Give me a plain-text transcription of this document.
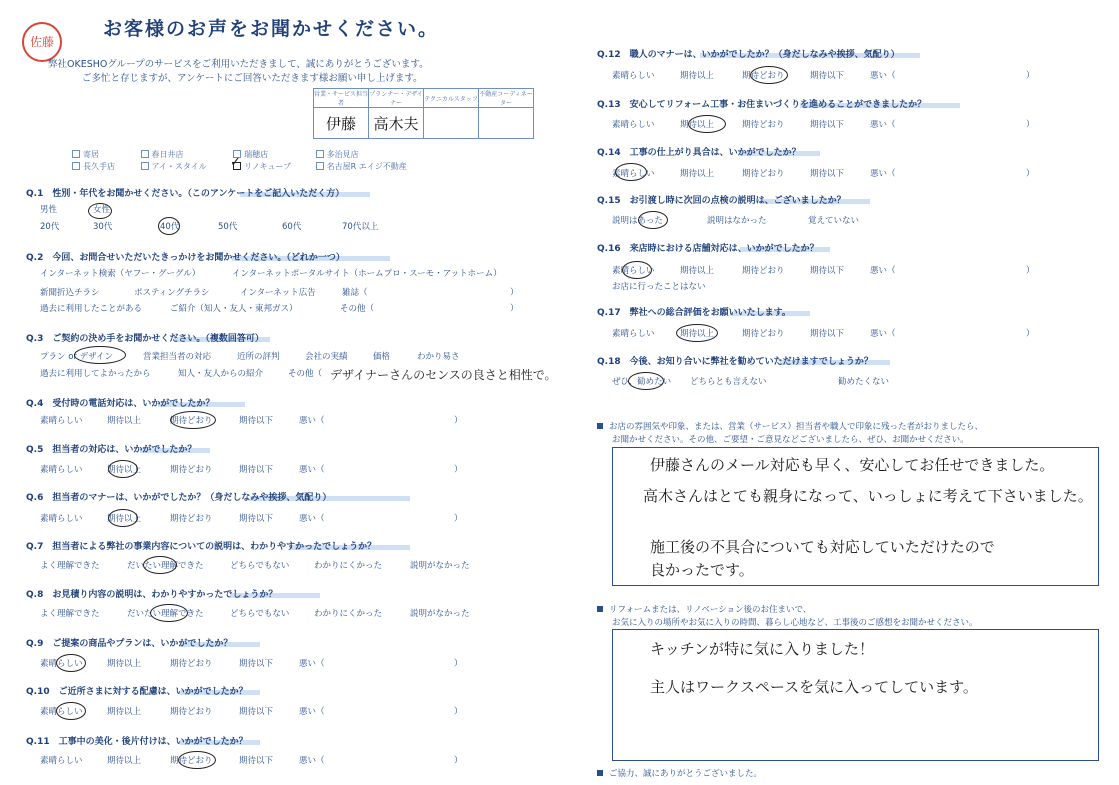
佐藤
お客様のお声をお聞かせください。
弊社OKESHOグループのサービスをご利用いただきまして、誠にありがとうございます。
ご多忙と存じますが、アンケートにご回答いただきます様お願い申し上げます。
営業・サービス担当者	プランナー・デザイナー	テクニカルスタッフ	不動産コーディネーター
伊藤	高木夫		
寄居	春日井店	瑞穂店	多治見店
長久手店	アイ・スタイル	リノキューブ	名古屋R エイジ不動産
✓
Q.1　性別・年代をお聞かせください。（このアンケートをご記入いただく方）
男性	女性
20代	30代	40代	50代	60代	70代以上
Q.2　今回、お問合せいただいたきっかけをお聞かせください。（どれか一つ）
インターネット検索（ヤフー・グーグル）	インターネットポータルサイト（ホームプロ・スーモ・アットホーム）
新聞折込チラシ	ポスティングチラシ	インターネット広告	雑誌（	）
過去に利用したことがある	ご紹介（知人・友人・東邦ガス）	その他（	）
Q.3　ご契約の決め手をお聞かせください。（複数回答可）
プラン or デザイン	営業担当者の対応	近所の評判	会社の実績	価格	わかり易さ
過去に利用してよかったから	知人・友人からの紹介	その他（
Q.4　受付時の電話対応は、いかがでしたか？
素晴らしい	期待以上	期待どおり	期待以下	悪い（	）
Q.5　担当者の対応は、いかがでしたか？
素晴らしい	期待以上	期待どおり	期待以下	悪い（	）
Q.6　担当者のマナーは、いかがでしたか？（身だしなみや挨拶、気配り）
素晴らしい	期待以上	期待どおり	期待以下	悪い（	）
Q.7　担当者による弊社の事業内容についての説明は、わかりやすかったでしょうか？
よく理解できた	だいたい理解できた	どちらでもない	わかりにくかった	説明がなかった
Q.8　お見積り内容の説明は、わかりやすかったでしょうか？
よく理解できた	だいたい理解できた	どちらでもない	わかりにくかった	説明がなかった
Q.9　ご提案の商品やプランは、いかがでしたか？
素晴らしい	期待以上	期待どおり	期待以下	悪い（	）
Q.10　ご近所さまに対する配慮は、いかがでしたか？
素晴らしい	期待以上	期待どおり	期待以下	悪い（	）
Q.11　工事中の美化・後片付けは、いかがでしたか？
素晴らしい	期待以上	期待どおり	期待以下	悪い（	）
Q.12　職人のマナーは、いかがでしたか？（身だしなみや挨拶、気配り）
素晴らしい	期待以上	期待どおり	期待以下	悪い（	）
Q.13　安心してリフォーム工事・お住まいづくりを進めることができましたか？
素晴らしい	期待以上	期待どおり	期待以下	悪い（	）
Q.14　工事の仕上がり具合は、いかがでしたか？
素晴らしい	期待以上	期待どおり	期待以下	悪い（	）
Q.15　お引渡し時に次回の点検の説明は、ございましたか？
説明はあった	説明はなかった	覚えていない
Q.16　来店時における店舗対応は、いかがでしたか？
素晴らしい	期待以上	期待どおり	期待以下	悪い（	）
お店に行ったことはない
Q.17　弊社への総合評価をお願いいたします。
素晴らしい	期待以上	期待どおり	期待以下	悪い（	）
Q.18　今後、お知り合いに弊社を勧めていただけますでしょうか？
ぜひ、勧めたい どちらとも言えない	勧めたくない
デザイナーさんのセンスの良さと相性で。
お店の雰囲気や印象、または、営業（サービス）担当者や職人で印象に残った者がおりましたら、
お聞かせください。その他、ご要望・ご意見などございましたら、ぜひ、お聞かせください。
伊藤さんのメール対応も早く、安心してお任せできました。
高木さんはとても親身になって、いっしょに考えて下さいました。
施工後の不具合についても対応していただけたので
良かったです。
リフォームまたは、リノベーション後のお住まいで、
お気に入りの場所やお気に入りの時間、暮らし心地など、工事後のご感想をお聞かせください。
キッチンが特に気に入りました！
主人はワークスペースを気に入ってしています。
ご協力、誠にありがとうございました。
